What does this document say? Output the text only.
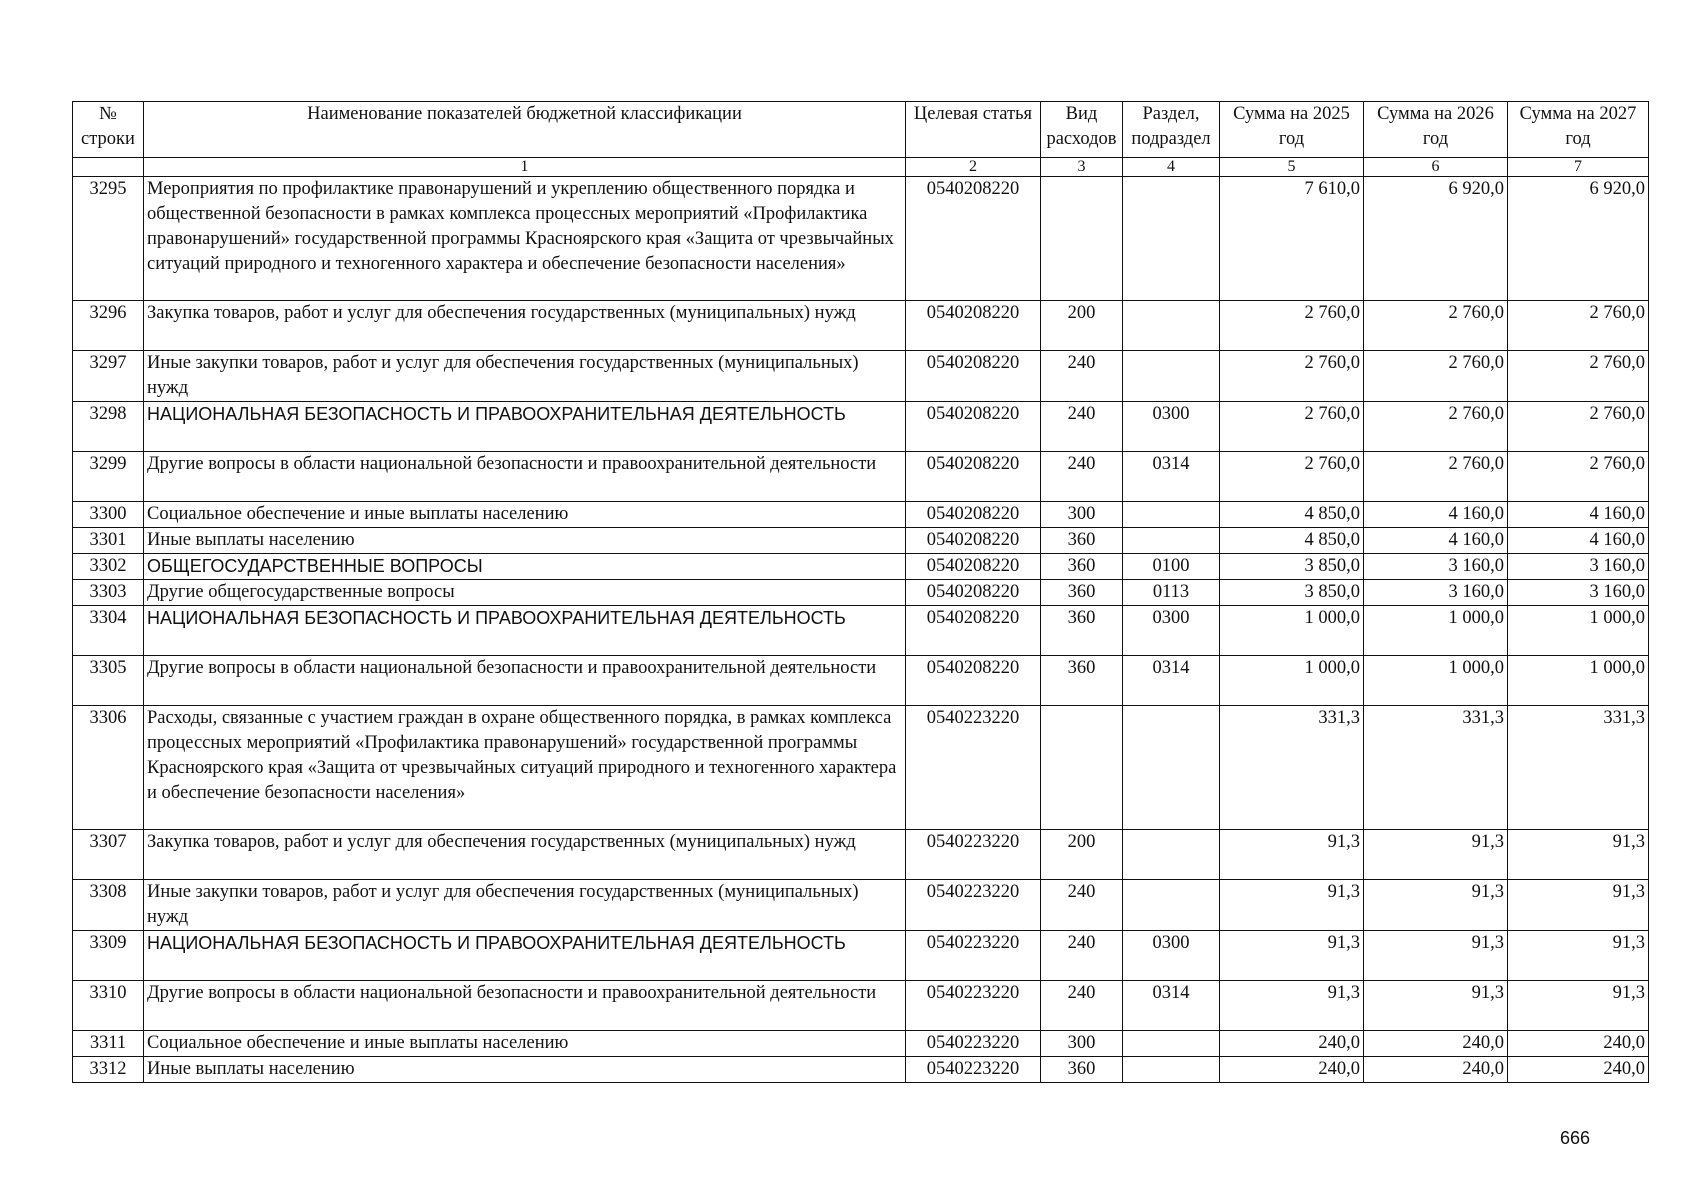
№ строки	Наименование показателей бюджетной классификации	Целевая статья	Вид расходов	Раздел, подраздел	Сумма на 2025 год	Сумма на 2026 год	Сумма на 2027 год
	1	2	3	4	5	6	7
3295	Мероприятия по профилактике правонарушений и укреплению общественного порядка и общественной безопасности в рамках комплекса процессных мероприятий «Профилактика правонарушений» государственной программы Красноярского края «Защита от чрезвычайных ситуаций природного и техногенного характера и обеспечение безопасности населения»	0540208220			7 610,0	6 920,0	6 920,0
3296	Закупка товаров, работ и услуг для обеспечения государственных (муниципальных) нужд	0540208220	200		2 760,0	2 760,0	2 760,0
3297	Иные закупки товаров, работ и услуг для обеспечения государственных (муниципальных) нужд	0540208220	240		2 760,0	2 760,0	2 760,0
3298	НАЦИОНАЛЬНАЯ БЕЗОПАСНОСТЬ И ПРАВООХРАНИТЕЛЬНАЯ ДЕЯТЕЛЬНОСТЬ	0540208220	240	0300	2 760,0	2 760,0	2 760,0
3299	Другие вопросы в области национальной безопасности и правоохранительной деятельности	0540208220	240	0314	2 760,0	2 760,0	2 760,0
3300	Социальное обеспечение и иные выплаты населению	0540208220	300		4 850,0	4 160,0	4 160,0
3301	Иные выплаты населению	0540208220	360		4 850,0	4 160,0	4 160,0
3302	ОБЩЕГОСУДАРСТВЕННЫЕ ВОПРОСЫ	0540208220	360	0100	3 850,0	3 160,0	3 160,0
3303	Другие общегосударственные вопросы	0540208220	360	0113	3 850,0	3 160,0	3 160,0
3304	НАЦИОНАЛЬНАЯ БЕЗОПАСНОСТЬ И ПРАВООХРАНИТЕЛЬНАЯ ДЕЯТЕЛЬНОСТЬ	0540208220	360	0300	1 000,0	1 000,0	1 000,0
3305	Другие вопросы в области национальной безопасности и правоохранительной деятельности	0540208220	360	0314	1 000,0	1 000,0	1 000,0
3306	Расходы, связанные с участием граждан в охране общественного порядка, в рамках комплекса процессных мероприятий «Профилактика правонарушений» государственной программы Красноярского края «Защита от чрезвычайных ситуаций природного и техногенного характера и обеспечение безопасности населения»	0540223220			331,3	331,3	331,3
3307	Закупка товаров, работ и услуг для обеспечения государственных (муниципальных) нужд	0540223220	200		91,3	91,3	91,3
3308	Иные закупки товаров, работ и услуг для обеспечения государственных (муниципальных) нужд	0540223220	240		91,3	91,3	91,3
3309	НАЦИОНАЛЬНАЯ БЕЗОПАСНОСТЬ И ПРАВООХРАНИТЕЛЬНАЯ ДЕЯТЕЛЬНОСТЬ	0540223220	240	0300	91,3	91,3	91,3
3310	Другие вопросы в области национальной безопасности и правоохранительной деятельности	0540223220	240	0314	91,3	91,3	91,3
3311	Социальное обеспечение и иные выплаты населению	0540223220	300		240,0	240,0	240,0
3312	Иные выплаты населению	0540223220	360		240,0	240,0	240,0
666
